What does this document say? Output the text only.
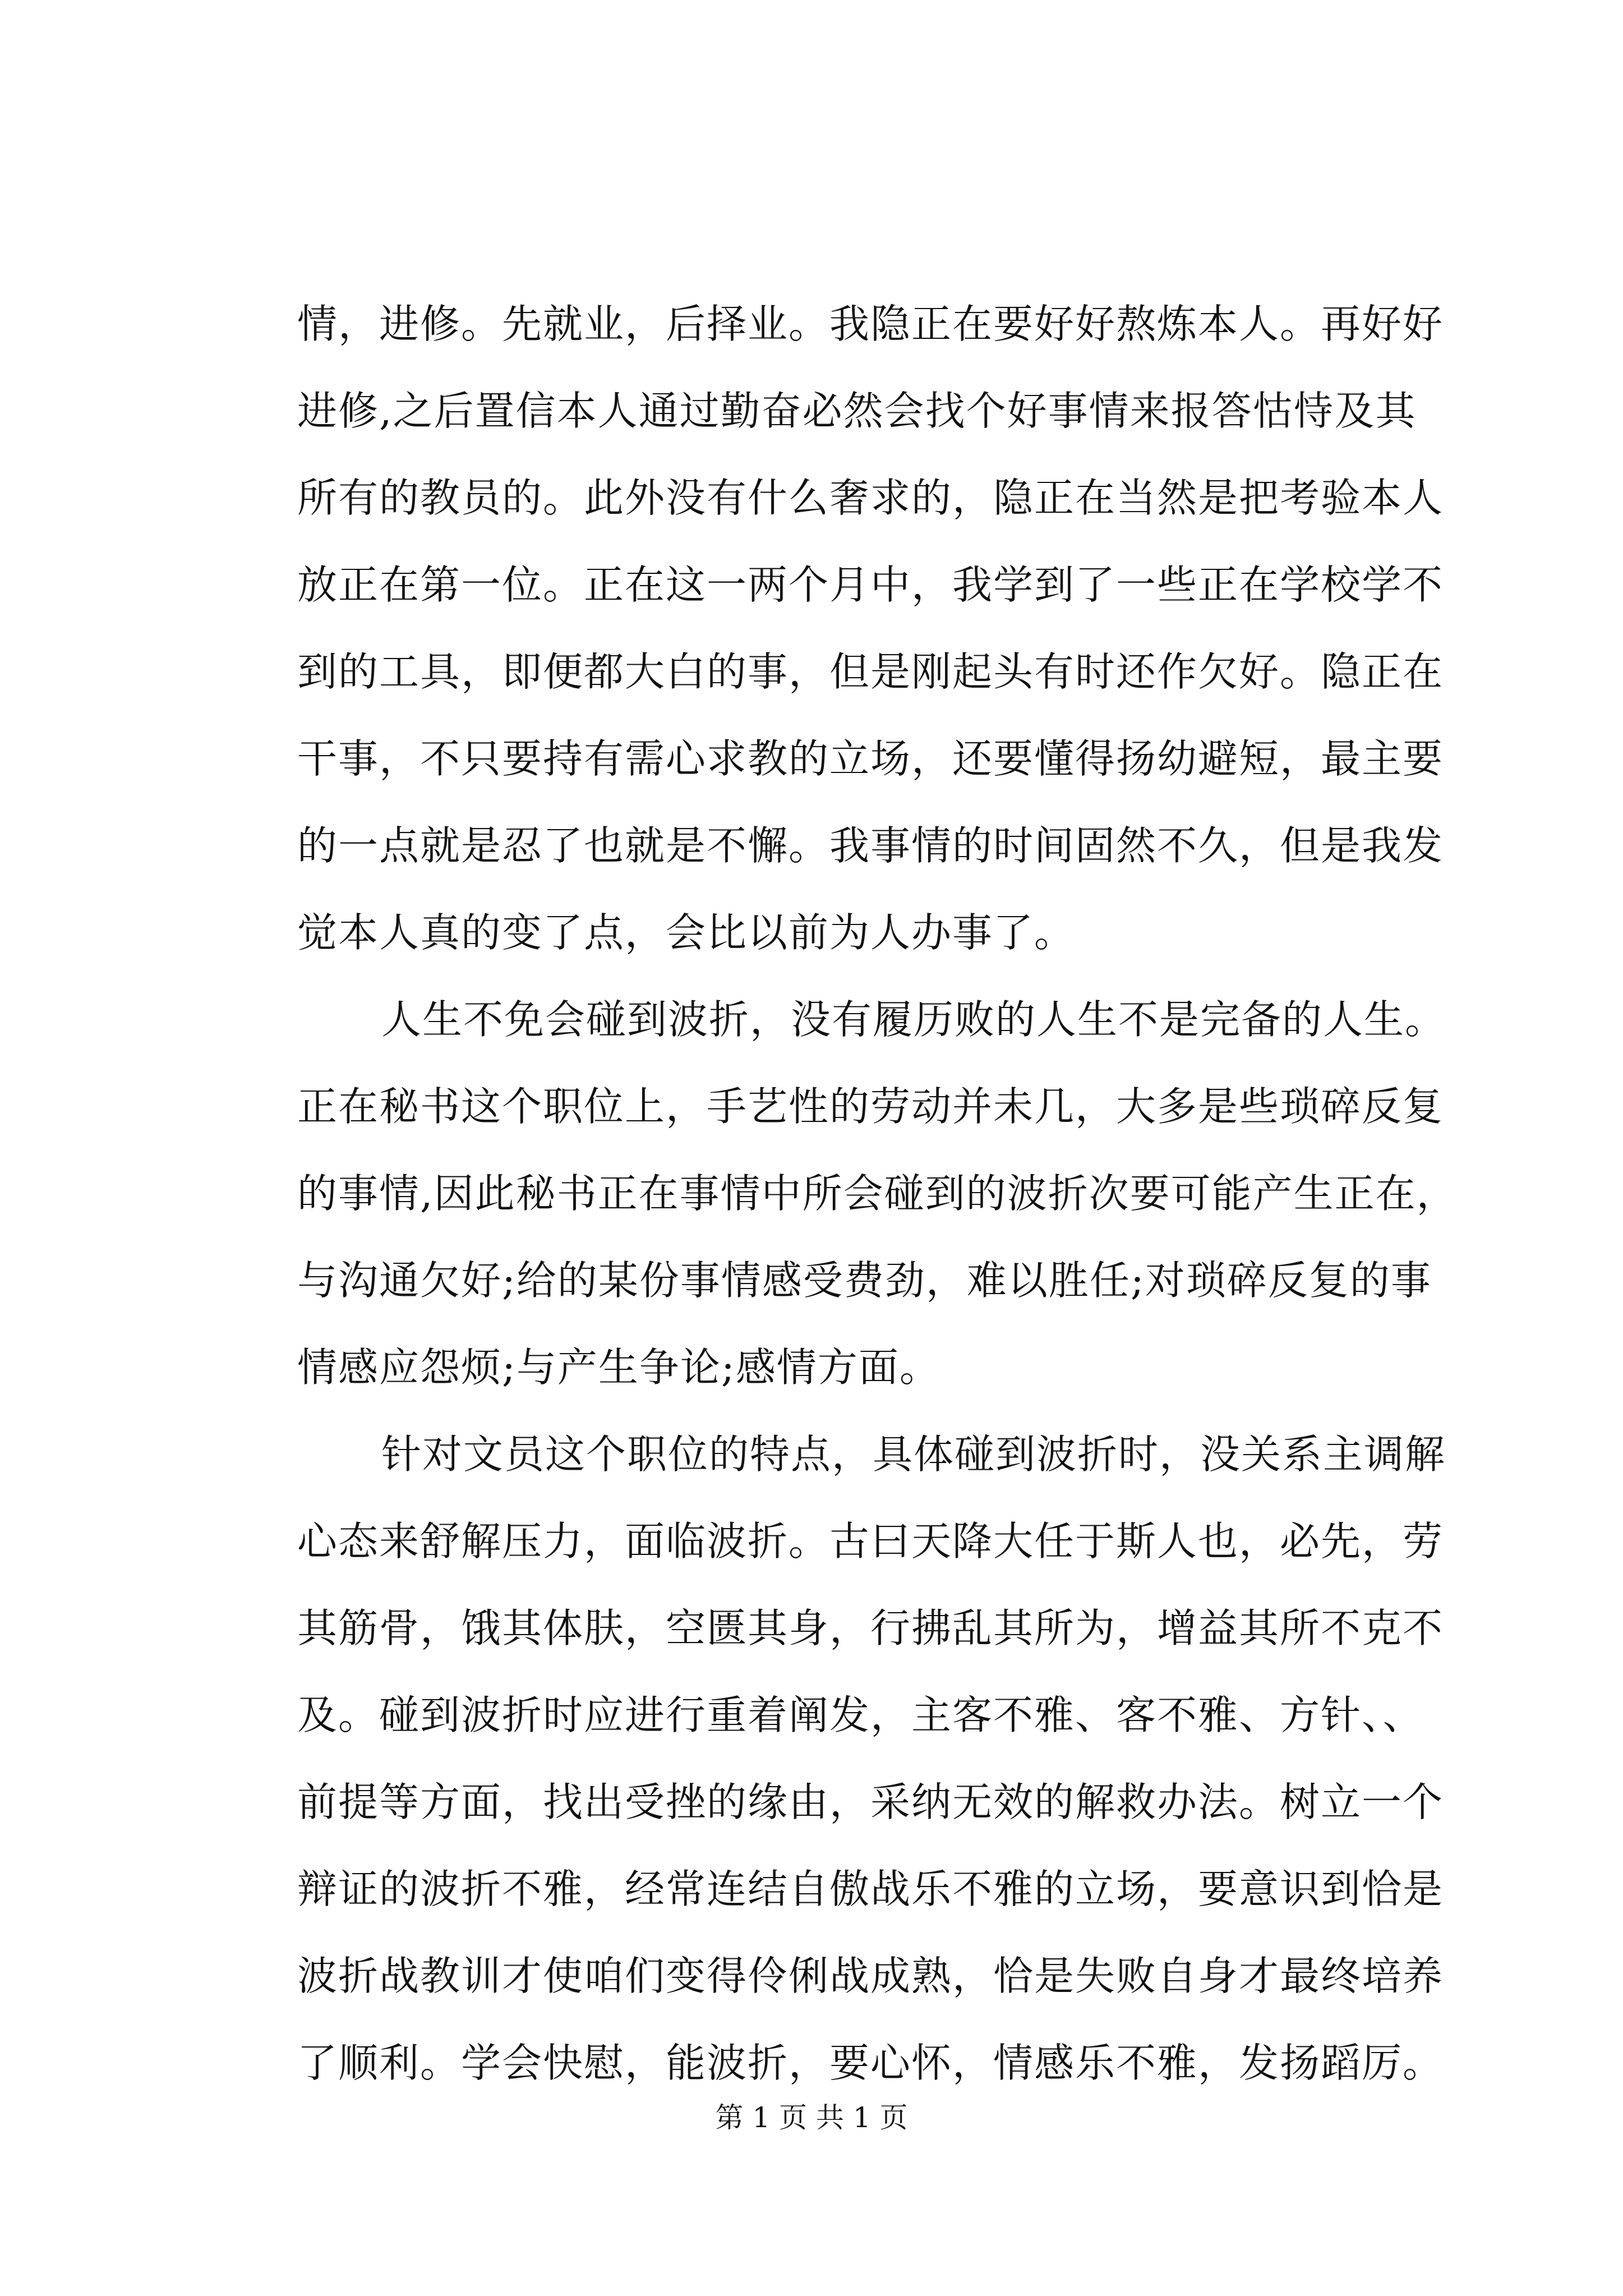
情，进修。先就业，后择业。我隐正在要好好熬炼本人。再好好
进修,之后置信本人通过勤奋必然会找个好事情来报答怙恃及其
所有的教员的。此外没有什么奢求的，隐正在当然是把考验本人
放正在第一位。正在这一两个月中，我学到了一些正在学校学不
到的工具，即便都大白的事，但是刚起头有时还作欠好。隐正在
干事，不只要持有需心求教的立场，还要懂得扬幼避短，最主要
的一点就是忍了也就是不懈。我事情的时间固然不久，但是我发
觉本人真的变了点，会比以前为人办事了。
人生不免会碰到波折，没有履历败的人生不是完备的人生。
正在秘书这个职位上，手艺性的劳动并未几，大多是些琐碎反复
的事情,因此秘书正在事情中所会碰到的波折次要可能产生正在，
与沟通欠好;给的某份事情感受费劲，难以胜任;对琐碎反复的事
情感应怨烦;与产生争论;感情方面。
针对文员这个职位的特点，具体碰到波折时，没关系主调解
心态来舒解压力，面临波折。古曰天降大任于斯人也，必先，劳
其筋骨，饿其体肤，空匮其身，行拂乱其所为，增益其所不克不
及。碰到波折时应进行重着阐发，主客不雅、客不雅、方针、、
前提等方面，找出受挫的缘由，采纳无效的解救办法。树立一个
辩证的波折不雅，经常连结自傲战乐不雅的立场，要意识到恰是
波折战教训才使咱们变得伶俐战成熟，恰是失败自身才最终培养
了顺利。学会快慰，能波折，要心怀，情感乐不雅，发扬蹈厉。
第 1 页 共 1 页
